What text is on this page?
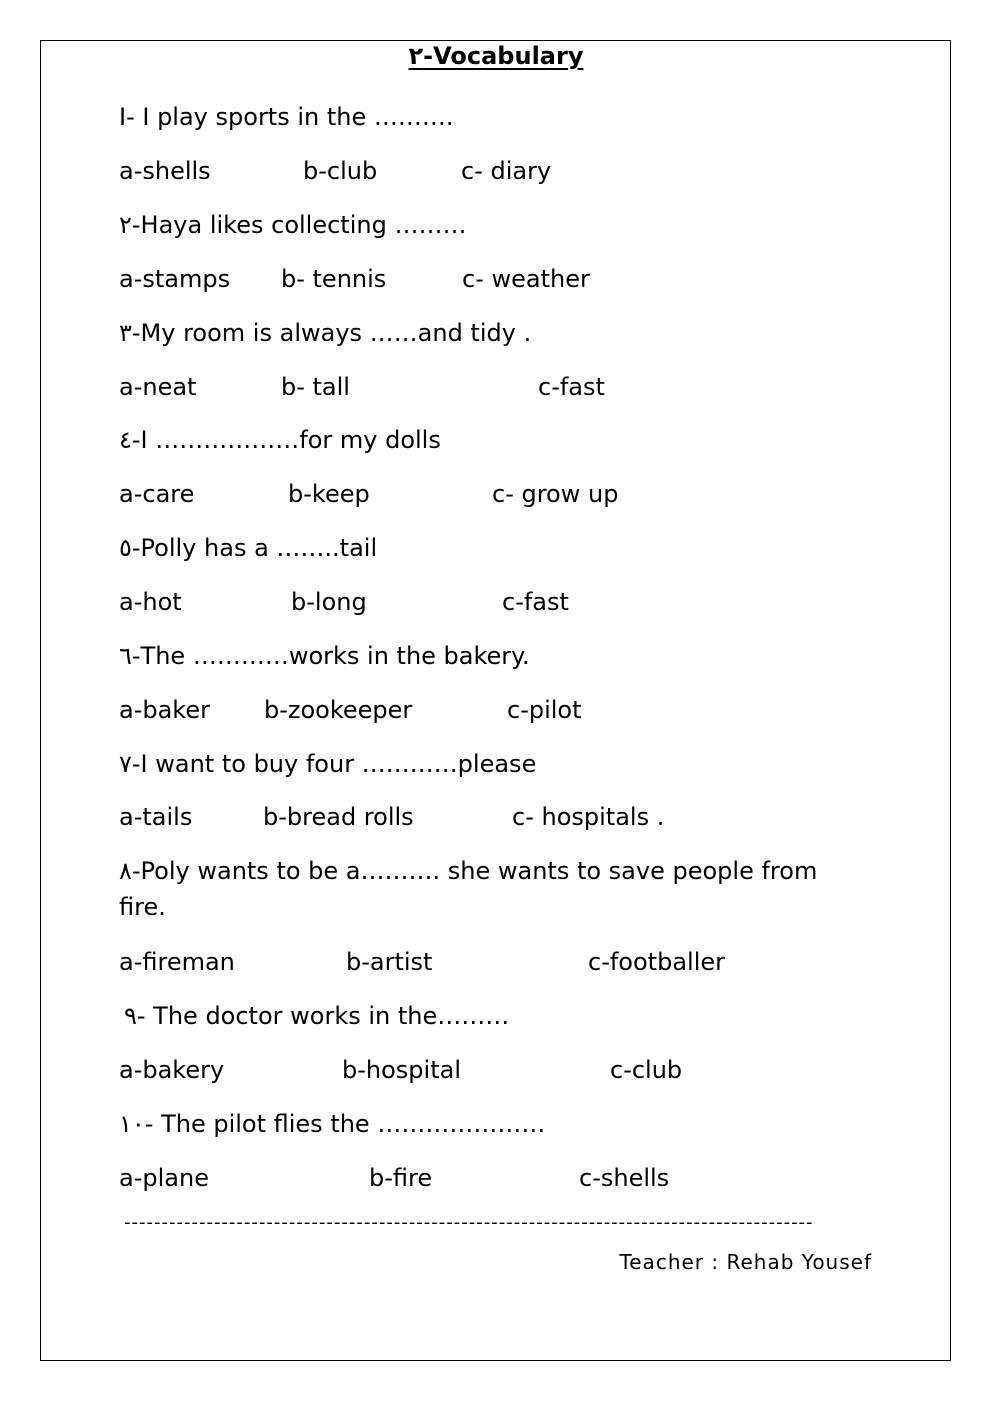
٢-Vocabulary
I- I play sports in the ……….
a-shells	b-club	c- diary
٢-Haya likes collecting ………
a-stamps b- tennis	c- weather
٣-My room is always ……and tidy .
a-neat	b- tall	c-fast
٤-I ………………for my dolls
a-care	b-keep	c- grow up
٥-Polly has a ……..tail
a-hot	b-long	c-fast
٦-The …………works in the bakery.
a-baker b-zookeeper	c-pilot
٧-I want to buy four …………please
a-tails	b-bread rolls	c- hospitals .
٨-Poly wants to be a………. she wants to save people from fire.
a-fireman	b-artist	c-footballer
٩- The doctor works in the………
a-bakery	b-hospital	c-club
١٠- The pilot flies the …………………
a-plane	b-fire	c-shells
--------------------------------------------------------------------------------------------
Teacher : Rehab Yousef
